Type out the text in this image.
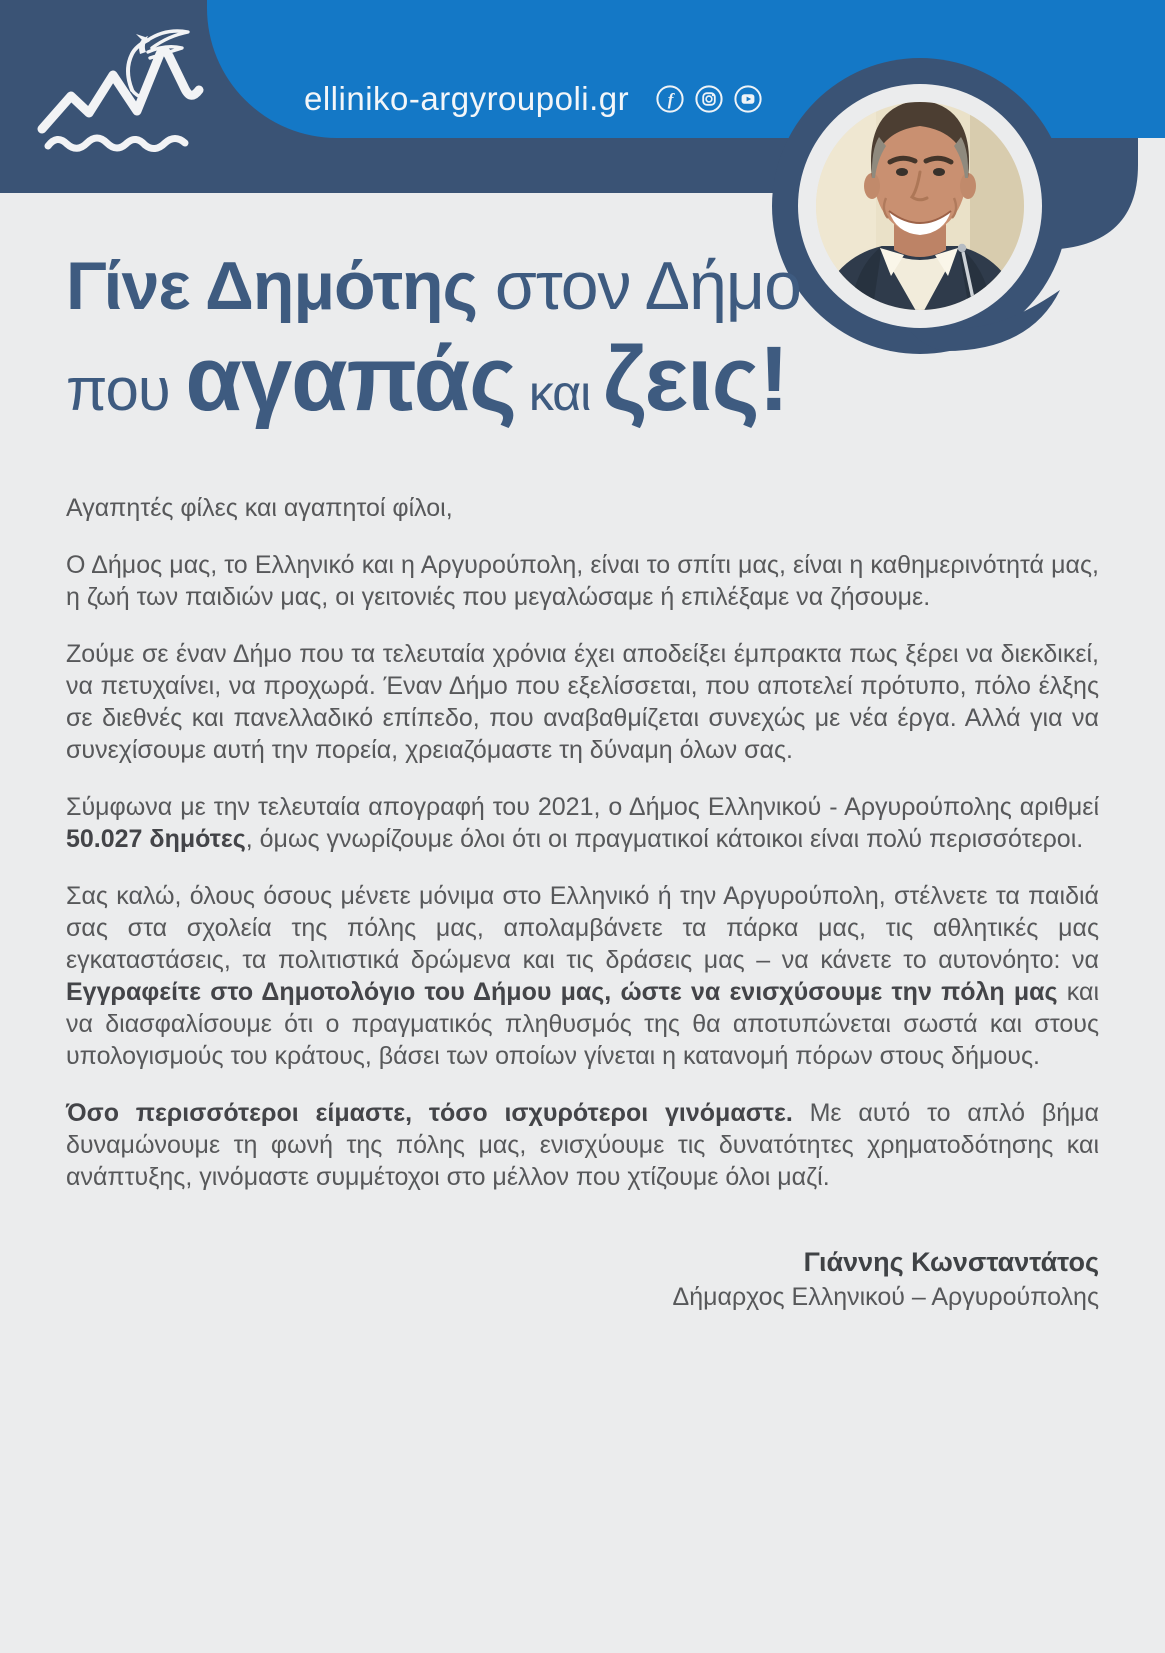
elliniko-argyroupoli.gr f
Γίνε Δημότης στον Δήμο
που αγαπάς και ζεις!

Αγαπητές φίλες και αγαπητοί φίλοι,

Ο Δήμος μας, το Ελληνικό και η Αργυρούπολη, είναι το σπίτι μας, είναι η καθημερινότητά μας, η ζωή των παιδιών μας, οι γειτονιές που μεγαλώσαμε ή επιλέξαμε να ζήσουμε.

Ζούμε σε έναν Δήμο που τα τελευταία χρόνια έχει αποδείξει έμπρακτα πως ξέρει να διεκδικεί, να πετυχαίνει, να προχωρά. Έναν Δήμο που εξελίσσεται, που αποτελεί πρότυπο, πόλο έλξης σε διεθνές και πανελλαδικό επίπεδο, που αναβαθμίζεται συνεχώς με νέα έργα. Αλλά για να συνεχίσουμε αυτή την πορεία, χρειαζόμαστε τη δύναμη όλων σας.

Σύμφωνα με την τελευταία απογραφή του 2021, ο Δήμος Ελληνικού - Αργυρούπολης αριθμεί 50.027 δημότες, όμως γνωρίζουμε όλοι ότι οι πραγματικοί κάτοικοι είναι πολύ περισσότεροι.

Σας καλώ, όλους όσους μένετε μόνιμα στο Ελληνικό ή την Αργυρούπολη, στέλνετε τα παιδιά σας στα σχολεία της πόλης μας, απολαμβάνετε τα πάρκα μας, τις αθλητικές μας εγκαταστάσεις, τα πολιτιστικά δρώμενα και τις δράσεις μας – να κάνετε το αυτονόητο: να Εγγραφείτε στο Δημοτολόγιο του Δήμου μας, ώστε να ενισχύσουμε την πόλη μας και να διασφαλίσουμε ότι ο πραγματικός πληθυσμός της θα αποτυπώνεται σωστά και στους υπολογισμούς του κράτους, βάσει των οποίων γίνεται η κατανομή πόρων στους δήμους.

Όσο περισσότεροι είμαστε, τόσο ισχυρότεροι γινόμαστε. Με αυτό το απλό βήμα δυναμώνουμε τη φωνή της πόλης μας, ενισχύουμε τις δυνατότητες χρηματοδότησης και ανάπτυξης, γινόμαστε συμμέτοχοι στο μέλλον που χτίζουμε όλοι μαζί.

Γιάννης Κωνσταντάτος
Δήμαρχος Ελληνικού – Αργυρούπολης
